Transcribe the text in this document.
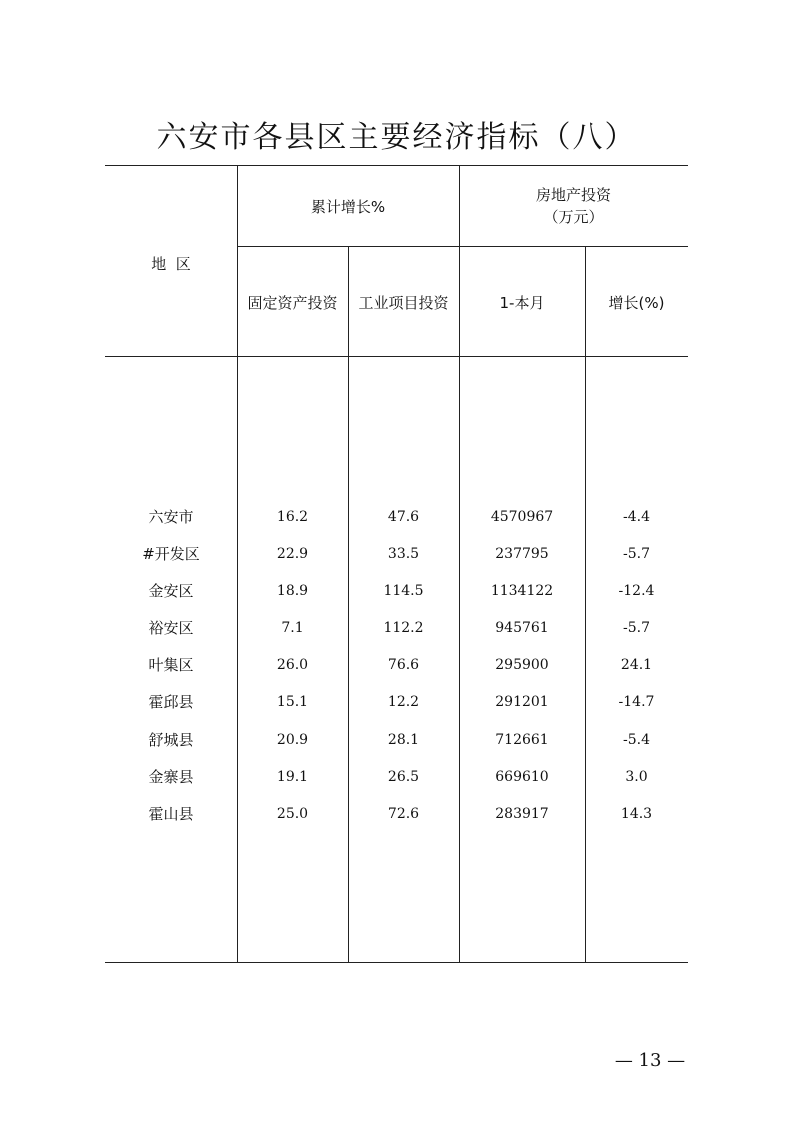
六安市各县区主要经济指标（八）
地  区
累计增长%
房地产投资
（万元）
固定资产投资	工业项目投资	1-本月	增长(%)
六安市	16.2	47.6	4570967	-4.4
#开发区	22.9	33.5	237795	-5.7
金安区	18.9	114.5	1134122	-12.4
裕安区	7.1	112.2	945761	-5.7
叶集区	26.0	76.6	295900	24.1
霍邱县	15.1	12.2	291201	-14.7
舒城县	20.9	28.1	712661	-5.4
金寨县	19.1	26.5	669610	3.0
霍山县	25.0	72.6	283917	14.3
— 13 —
